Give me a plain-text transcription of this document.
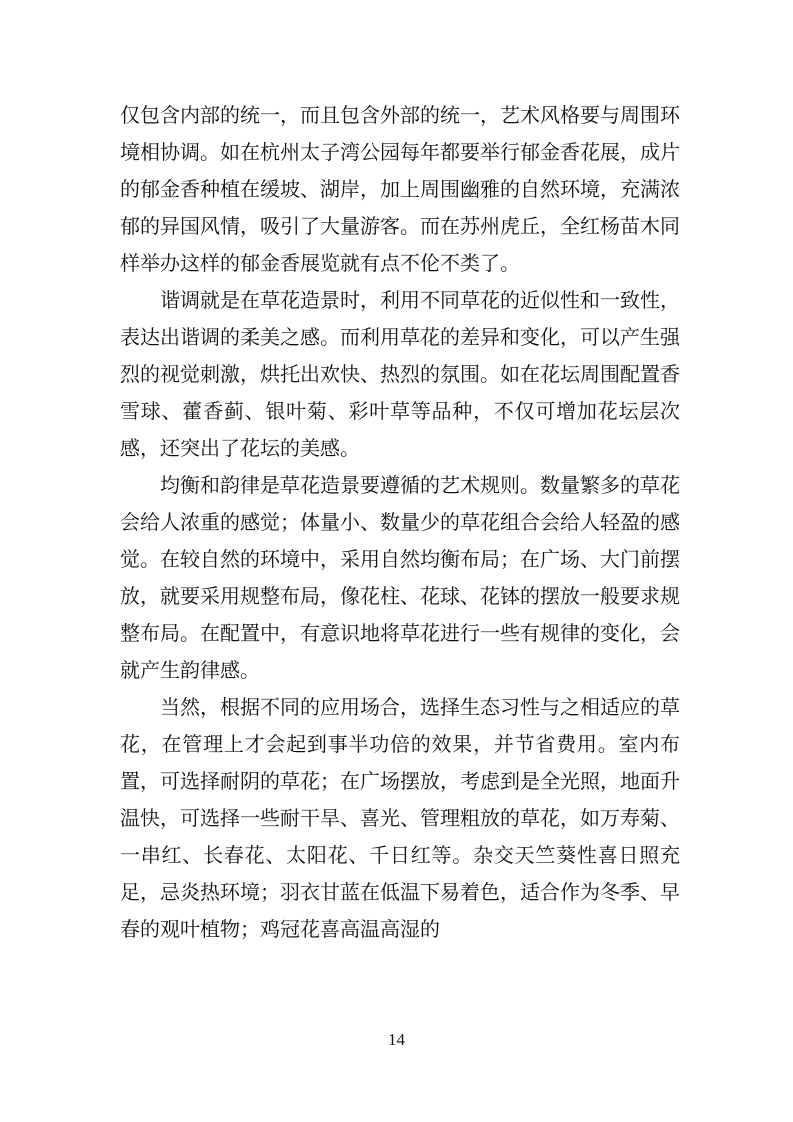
仅包含内部的统一，而且包含外部的统一，艺术风格要与周围环境相协调。如在杭州太子湾公园每年都要举行郁金香花展，成片的郁金香种植在缓坡、湖岸，加上周围幽雅的自然环境，充满浓郁的异国风情，吸引了大量游客。而在苏州虎丘，全红杨苗木同样举办这样的郁金香展览就有点不伦不类了。

谐调就是在草花造景时，利用不同草花的近似性和一致性，表达出谐调的柔美之感。而利用草花的差异和变化，可以产生强烈的视觉刺激，烘托出欢快、热烈的氛围。如在花坛周围配置香雪球、藿香蓟、银叶菊、彩叶草等品种，不仅可增加花坛层次感，还突出了花坛的美感。

均衡和韵律是草花造景要遵循的艺术规则。数量繁多的草花会给人浓重的感觉；体量小、数量少的草花组合会给人轻盈的感觉。在较自然的环境中，采用自然均衡布局；在广场、大门前摆放，就要采用规整布局，像花柱、花球、花钵的摆放一般要求规整布局。在配置中，有意识地将草花进行一些有规律的变化，会就产生韵律感。

当然，根据不同的应用场合，选择生态习性与之相适应的草花，在管理上才会起到事半功倍的效果，并节省费用。室内布置，可选择耐阴的草花；在广场摆放，考虑到是全光照，地面升温快，可选择一些耐干旱、喜光、管理粗放的草花，如万寿菊、一串红、长春花、太阳花、千日红等。杂交天竺葵性喜日照充足，忌炎热环境；羽衣甘蓝在低温下易着色，适合作为冬季、早春的观叶植物；鸡冠花喜高温高湿的

14
